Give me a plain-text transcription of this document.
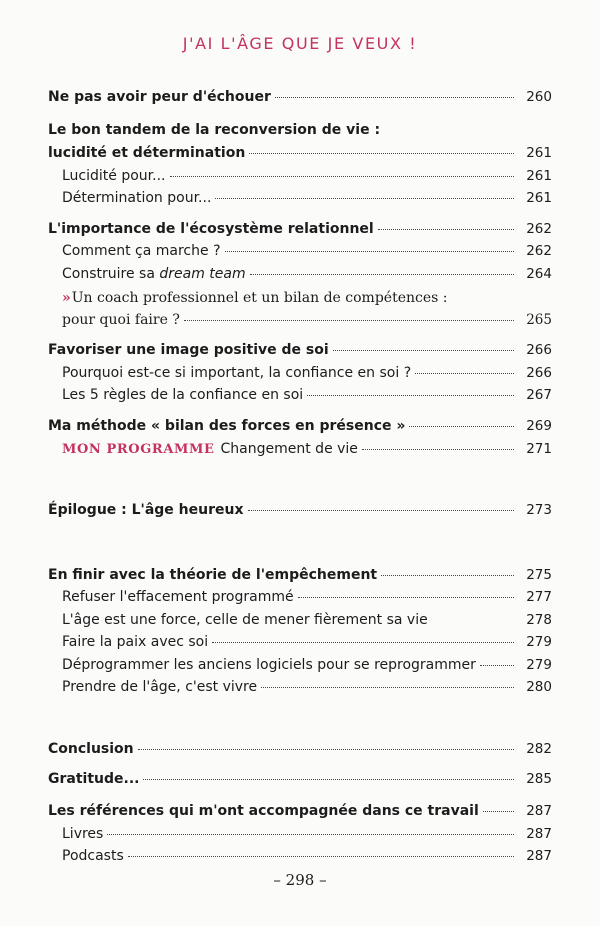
J'AI L'ÂGE QUE JE VEUX !
Ne pas avoir peur d'échouer	260
Le bon tandem de la reconversion de vie :
lucidité et détermination	261
Lucidité pour...	261
Détermination pour...	261
L'importance de l'écosystème relationnel	262
Comment ça marche ?	262
Construire sa dream team	264
» Un coach professionnel et un bilan de compétences :
pour quoi faire ?	265
Favoriser une image positive de soi	266
Pourquoi est-ce si important, la confiance en soi ?	266
Les 5 règles de la confiance en soi	267
Ma méthode « bilan des forces en présence »	269
MON PROGRAMME Changement de vie	271
Épilogue : L'âge heureux	273
En finir avec la théorie de l'empêchement	275
Refuser l'effacement programmé	277
L'âge est une force, celle de mener fièrement sa vie	278
Faire la paix avec soi	279
Déprogrammer les anciens logiciels pour se reprogrammer	279
Prendre de l'âge, c'est vivre	280
Conclusion	282
Gratitude...	285
Les références qui m'ont accompagnée dans ce travail	287
Livres	287
Podcasts	287
– 298 –
